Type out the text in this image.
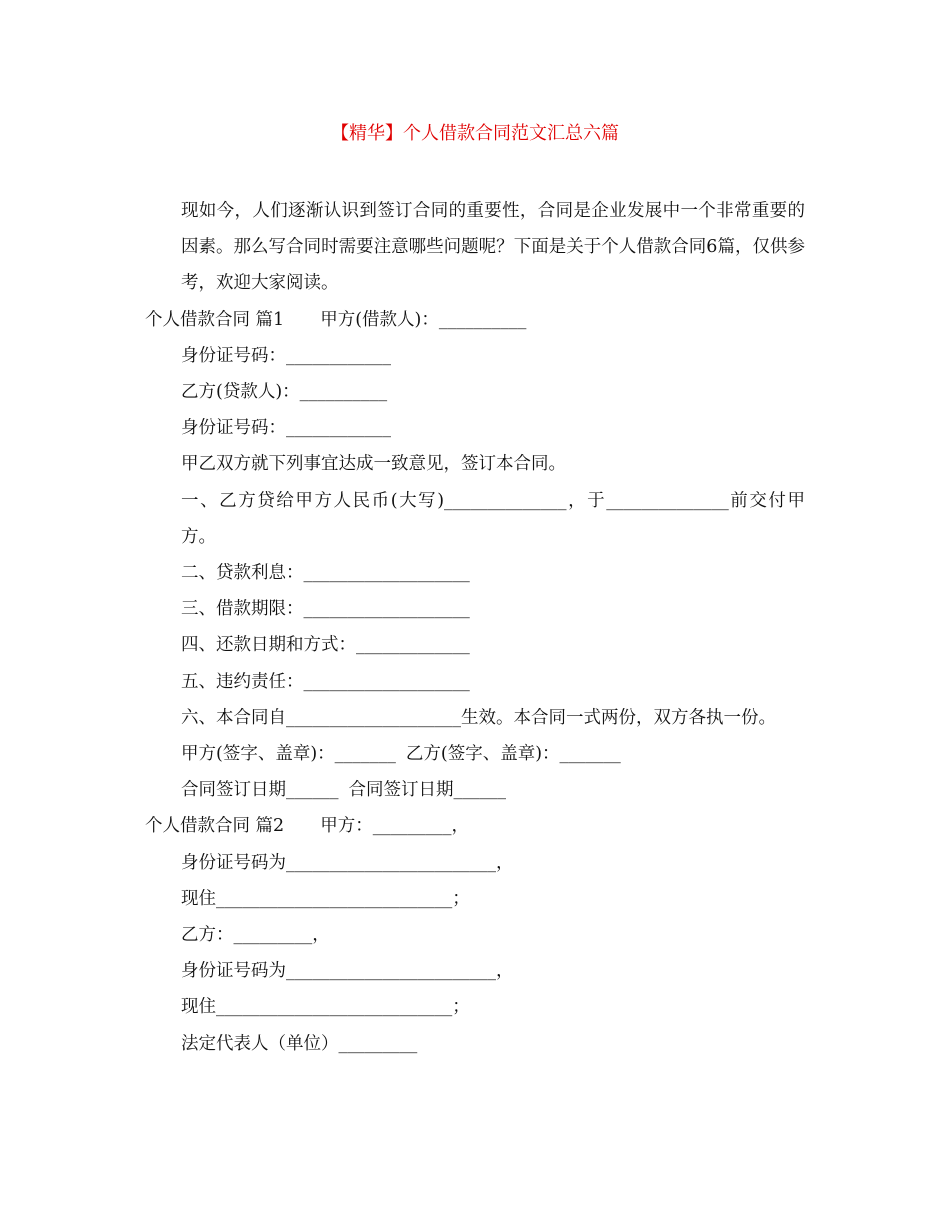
【精华】个人借款合同范文汇总六篇

现如今，人们逐渐认识到签订合同的重要性，合同是企业发展中一个非常重要的因素。那么写合同时需要注意哪些问题呢？下面是关于个人借款合同6篇，仅供参考，欢迎大家阅读。

个人借款合同 篇1 甲方(借款人)：__________

身份证号码：____________

乙方(贷款人)：__________

身份证号码：____________

甲乙双方就下列事宜达成一致意见，签订本合同。

一、乙方贷给甲方人民币(大写)______________，于______________前交付甲方。

二、贷款利息：___________________

三、借款期限：___________________

四、还款日期和方式：_____________

五、违约责任：___________________

六、本合同自____________________生效。本合同一式两份，双方各执一份。

甲方(签字、盖章)：_______ 乙方(签字、盖章)：_______

合同签订日期______ 合同签订日期______

个人借款合同 篇2 甲方：_________，

身份证号码为________________________，

现住___________________________；

乙方：_________，

身份证号码为________________________，

现住___________________________；

法定代表人（单位）_________
